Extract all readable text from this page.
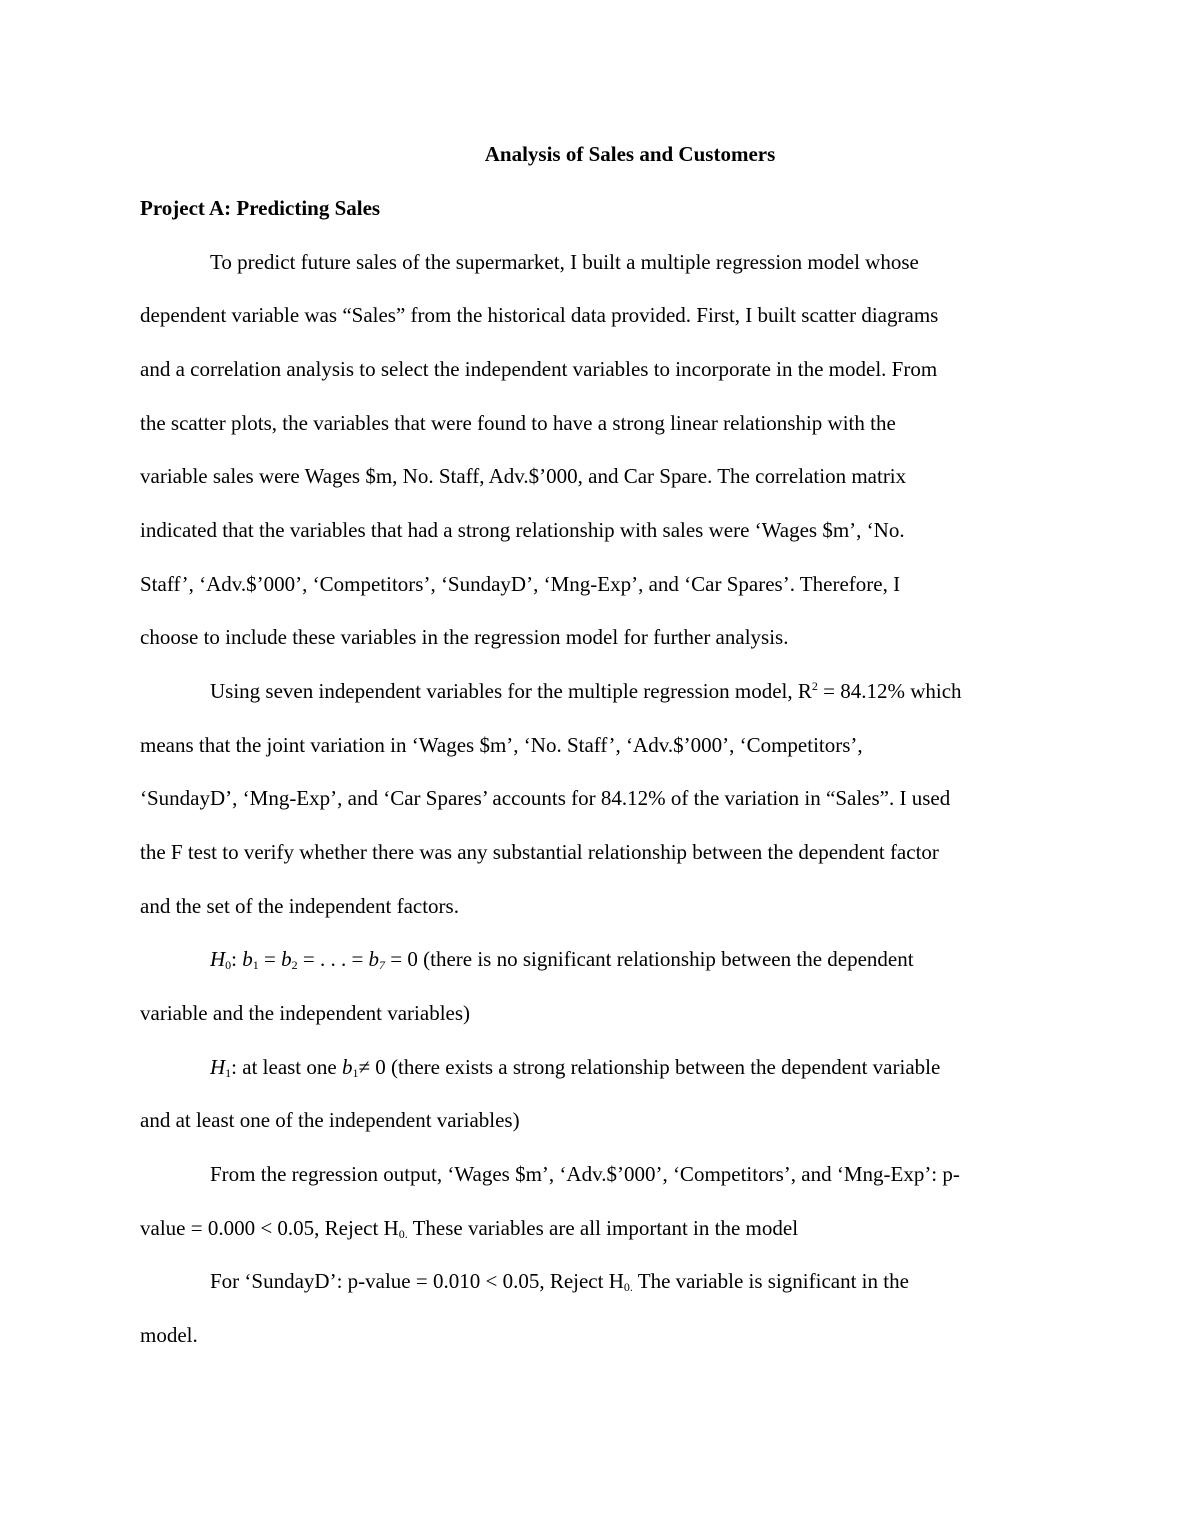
Analysis of Sales and Customers
Project A: Predicting Sales
To predict future sales of the supermarket, I built a multiple regression model whose
dependent variable was “Sales” from the historical data provided. First, I built scatter diagrams
and a correlation analysis to select the independent variables to incorporate in the model. From
the scatter plots, the variables that were found to have a strong linear relationship with the
variable sales were Wages $m, No. Staff, Adv.$’000, and Car Spare. The correlation matrix
indicated that the variables that had a strong relationship with sales were ‘Wages $m’, ‘No.
Staff’, ‘Adv.$’000’, ‘Competitors’, ‘SundayD’, ‘Mng-Exp’, and ‘Car Spares’. Therefore, I
choose to include these variables in the regression model for further analysis.
Using seven independent variables for the multiple regression model, $R^2 = 84.12\%$ which
means that the joint variation in ‘Wages $m’, ‘No. Staff’, ‘Adv.$’000’, ‘Competitors’,
‘SundayD’, ‘Mng-Exp’, and ‘Car Spares’ accounts for 84.12% of the variation in “Sales”. I used
the F test to verify whether there was any substantial relationship between the dependent factor
and the set of the independent factors.
$H_0$: $b_1 = b_2$ = . . . = $b_7 = 0$ (there is no significant relationship between the dependent
variable and the independent variables)
$H_1$: at least one $b_1\ne 0$ (there exists a strong relationship between the dependent variable
and at least one of the independent variables)
From the regression output, ‘Wages $m’, ‘Adv.$’000’, ‘Competitors’, and ‘Mng-Exp’: p-
value = 0.000 < 0.05, Reject $H_{0.}$ These variables are all important in the model
For ‘SundayD’: p-value = 0.010 < 0.05, Reject $H_{0.}$ The variable is significant in the
model.
